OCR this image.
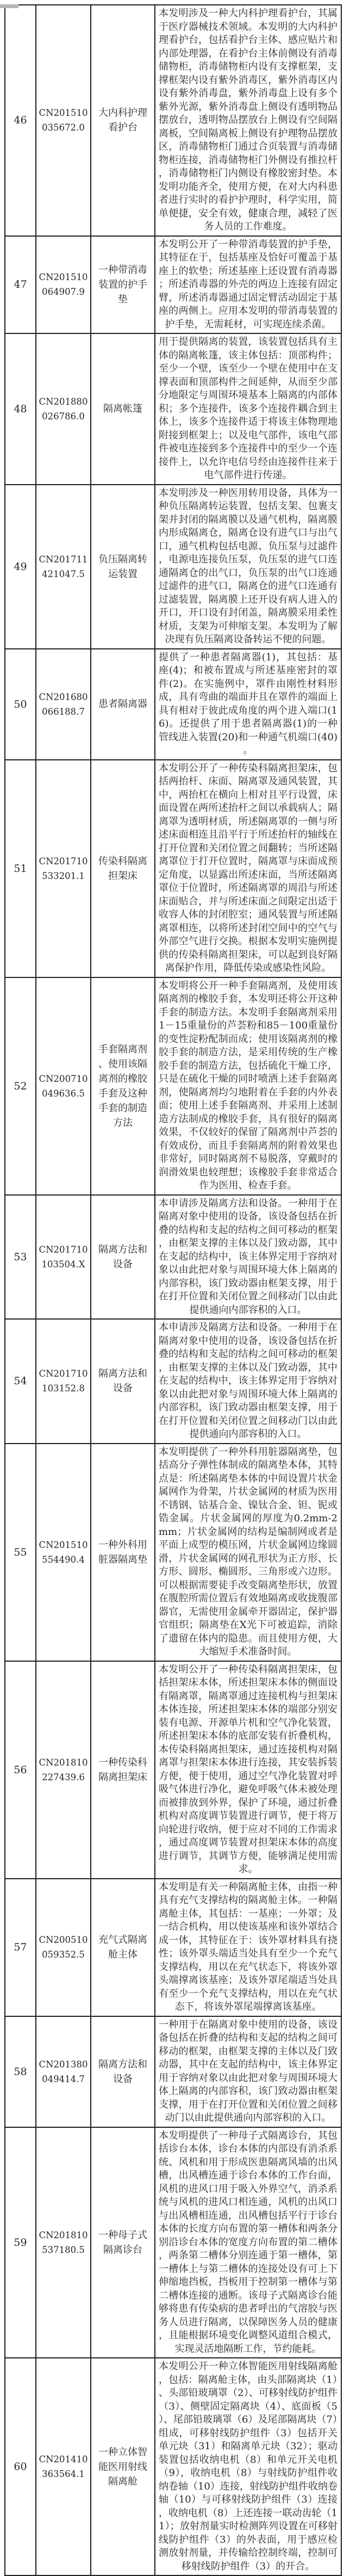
46	CN201510035672.0	大内科护理看护台	本发明涉及一种大内科护理看护台，其属于医疗器械技术领域。本发明的大内科护理看护台，包括看护台主体、感应贴片和内部处理器，在看护台主体前侧设有消毒储物柜，消毒储物柜内设有支撑框架，支撑框架内设有紫外消毒区，紫外消毒区内设有紫外消毒盘，紫外消毒盘上设有多个紫外光源，紫外消毒盘上侧设有透明物品摆放台，透明物品摆放台上侧设有空间隔离板，空间隔离板上侧设有护理物品摆放区，消毒储物柜门通过合页装置与消毒储物柜连接，消毒储物柜门外侧设有推拉杆，消毒储物柜门内侧设有橡胶密封垫。本发明功能齐全，使用方便，在对大内科患者进行实时的看护护理时，科学实用，简单便捷，安全有效，健康合理，减轻了医务人员的工作难度。
47	CN201510064907.9	一种带消毒装置的护手垫	本发明公开了一种带消毒装置的护手垫，其特征在于，包括基座及恰好可覆盖于基座上的软垫；所述基座上还设置有消毒器；所述消毒器的外壳的两边上连接有固定臂，所述消毒器通过固定臂活动固定于基座的两侧上。应用本发明的带消毒装置的护手垫，无需耗材，可实现连续杀菌。
48	CN201880026786.0	隔离帐篷	用于提供隔离的装置，该装置包括具有主体的隔离帐篷，该主体包括：顶部构件；至少一个壁，该至少一个壁在使用中在支撑表面和顶部构件之间延伸，从而至少部分地限定与周围环境基本上隔离的内部体积；多个连接件，该多个连接件耦合到主体上，该多个连接件适于将该主体物理地附接到框架上；以及电气部件，该电气部件被电连接到多个连接件中的至少一个连接件上，以允许电信号经由连接件往来于电气部件进行传递。
49	CN201711421047.5	负压隔离转运装置	本发明涉及一种医用转用设备，具体为一种负压隔离转运装置，包括支架、包裹支架并封闭的隔离膜以及通气机构，隔离膜内形成隔离仓，隔离仓设有进气口与出气口，通气机构包括电源、负压泵与过滤件，电源电连接负压泵，负压泵的进气口连通隔离仓的出气口，负压泵的出气口连通过滤件的进气口，隔离仓的进气口连通有过滤装置，隔离膜上还开设有病人进入的开口，开口设有封闭盖，隔离膜采用柔性材质，支架为可伸缩支架。本发明为了解决现有负压隔离设备转运不便的问题。
50	CN201680066188.7	患者隔离器	提供了一种患者隔离器(1)，其包括：基座(4)；和被布置成与所述基座密封的罩件(2)。在实施例中，罩件由刚性材料形成，具有弯曲的端面并且在罩件的端面上具有相对于彼此成角度的两个进入端口(16)。还提供了用于患者隔离器(1)的一种管线进入装置(20)和一种通气机端口(40)。
51	CN201710533201.1	传染科隔离担架床	本发明公开了一种传染科隔离担架床，包括两抬杆、床面、隔离罩及通风装置，其中，两抬杠在横向上相对且平行设置，床面设置在两所述抬杆之间以承载病人；隔离罩为透明材质，所述隔离罩的一侧与所述床面相连且沿平行于所述抬杆的轴线在打开位置和关闭位置之间翻转；当所述隔离罩位于打开位置时，隔离罩与床面成预定角度，以显露出所述床面，当所述隔离罩位于位置时，所述隔离罩的周沿与所述床面贴合，并与所述床面之间限定出适于收容人体的封闭腔室；通风装置与所述隔离罩相连，以将所述封闭空间中的空气与外部空气进行交换。根据本发明实施例提供的传染科隔离担架床，可以起到良好隔离保护作用，降低传染或感染性风险。
52	CN200710049636.5	手套隔离剂、使用该隔离剂的橡胶手套及这种手套的制造方法	本发明将公开一种手套隔离剂，及使用该隔离剂的橡胶手套，本发明还将公开这种手套的制造方法。本发明手套隔离剂采用1－15重量份的芦荟粉和85－100重量份的变性淀粉配制而成；使用该隔离剂的橡胶手套的制造方法，是采用传统的生产橡胶手套的制造方法，包括硫化干燥工序，只是在硫化干燥的同时喷洒上述手套隔离剂，使隔离剂均匀地附着在手套的内外表面；使用上述手套隔离剂、并采用上述制造方法制成的橡胶手套，具有很好的隔离效果，不仅较好的保留了隔离剂中芦荟的有效成份，而且手套隔离剂的附着效果也非常好，同时隔离剂不易脱落，穿戴时的润滑效果也较理想；该橡胶手套非常适合作为医用、检查手套。
53	CN201710103504.X	隔离方法和设备	本申请涉及隔离方法和设备。一种用于在隔离对象中使用的设备，该设备包括在折叠的结构和支起的结构之间可移动的框架，由框架支撑的主体以及门致动器，其中在支起的结构中，该主体界定用于容纳对象以由此把对象与周围环境大体上隔离的内部容积，该门致动器由框架支撑，用于在打开位置和关闭位置之间移动门以由此提供通向内部容积的入口。
54	CN201710103152.8	隔离方法和设备	本申请涉及隔离方法和设备。一种用于在隔离对象中使用的设备，该设备包括在折叠的结构和支起的结构之间可移动的框架，由框架支撑的主体以及门致动器，其中在支起的结构中，该主体界定用于容纳对象以由此把对象与周围环境大体上隔离的内部容积，该门致动器由框架支撑，用于在打开位置和关闭位置之间移动门以由此提供通向内部容积的入口。
55	CN201510554490.4	一种外科用脏器隔离垫	本发明提供了一种外科用脏器隔离垫，包括高分子弹性体制成的隔离垫本体，其特点是：所述隔离垫本体的中间设置片状金属网作为骨架，片状金属网的材质为医用不锈钢、钴基合金、镍钛合金、钽、铌或锆金属。片状金属网的厚度为0.2mm-2mm；片状金属网的结构是编制网或者是平面上成型的模压网，片状金属网边缘圆滑，片状金属网的网孔形状为正方形、长方形、圆形、椭圆形、三角形或六边形。可以根据需要徒手改变隔离垫形状，放置在腹腔所需位置后有效地隔离或收拢腹部器官，无需使用金属牵开器固定，保护器官组织；隔离垫在X光下可被追踪，消除了遗留在体内的隐患。而且使用方便，大大缩短手术准备时间。
56	CN201810227439.6	一种传染科隔离担架床	本发明公开了一种传染科隔离担架床，包括担架床本体，所述担架床本体的侧面设有隔离罩，隔离罩通过连接机构与担架床本体连接，所述担架床本体的端部分别安装有电源、开源单片机和空气净化装置，所述担架床本体的底部安装有折叠机构，本传染科隔离担架床，通过连接机构对隔离罩与担架床本体进行连接，其安装拆装方便，便于使用，通过空气净化装置对呼吸气体进行净化，避免呼吸气体未被处理而被排放到外界，保护了环境，通过折叠机构对高度调节装置进行调节，便于将万向轮进行收纳，便于应对不同的工作需求，通过高度调节装置对担架床本体的高度进行调节，其调节方便，能够满足使用需求。
57	CN200510059352.5	充气式隔离舱主体	本发明是有关一种隔离舱主体，由指一种具有充气支撑结构的隔离舱主体。一种隔离舱主体，其包括：一基座；一外罩；及一结合机构，用以使该基座和该外罩结合成一体，其特征在于：该外罩材料具有挠性；该外罩头端适当处具有至少一个充气支撑结构，用以在充气状态下，将该外罩头端撑离该基座；及该外罩尾端适当处具有至少一个充气支撑结构，用以在充气状态下，将该外罩尾端撑离该基座。
58	CN201380049414.7	隔离方法和设备	一种用于在隔离对象中使用的设备，该设备包括在折叠的结构和支起的结构之间可移动的框架，由框架支撑的主体以及门致动器，其中在支起的结构中，该主体界定用于容纳对象以由此把对象与周围环境大体上隔离的内部容积，该门致动器由框架支撑，用于在打开位置和关闭位置之间移动门以由此提供通向内部容积的入口。
59	CN201810537180.5	一种母子式隔离诊台	本发明提供了一种母子式隔离诊台，其包括诊台本体，诊台本体的内部设有消杀系统、风机和用于形成医患隔离风墙的出风槽，出风槽连通于诊台本体的工作台面，风机的进风口用于吸入外界空气，消杀系统与风机的进风口相连通，风机的出风口与出风槽相连通，出风槽包括平行于诊台本体的长度方向布置的第一槽体和两条分别沿诊台本体的宽度方向布置的第二槽体，两条第二槽体分别连通于第一槽体，第一槽体上与第二槽体的连接处设有可上下伸缩地挡板，挡板用于控制第一槽体与第二槽体连接的通断。该母子式隔离诊台能够将患有传染病的患者呼出的气溶胶与医务人员进行隔离，以保障医务人员的健康，且能根据环境变化调整风道组合模式，实现灵活地隔断工作，节约能耗。
60	CN201410363564.1	一种立体智能医用射线隔离舱	本发明公开一种立体智能医用射线隔离舱，包括：隔离舱主体，由头部隔离块（1）、头部铅玻璃罩（2）、可移射线防护组件（3）、侧壁固定隔离块（4）、底面板（5）、尾部铅玻璃罩（6）及尾部隔离块（7）组成，可移射线防护组件（3）包括开关单元块（31）和隔离单元块（32）；驱动装置包括收纳电机（8）和单元开关电机（9），收纳电机（8）与射线防护组件收纳卷轴（10）连接，射线防护组件收纳卷轴（10）与可移射线防护组件（3）连接，收纳电机（8）上还连接一联动齿轮（11）；放射剂量实时检测阵列设置在可移射线防护组件（3）的外表面，用于感应检测放射剂量，并传输给控制终端，控制可移射线防护组件（3）的开合。
